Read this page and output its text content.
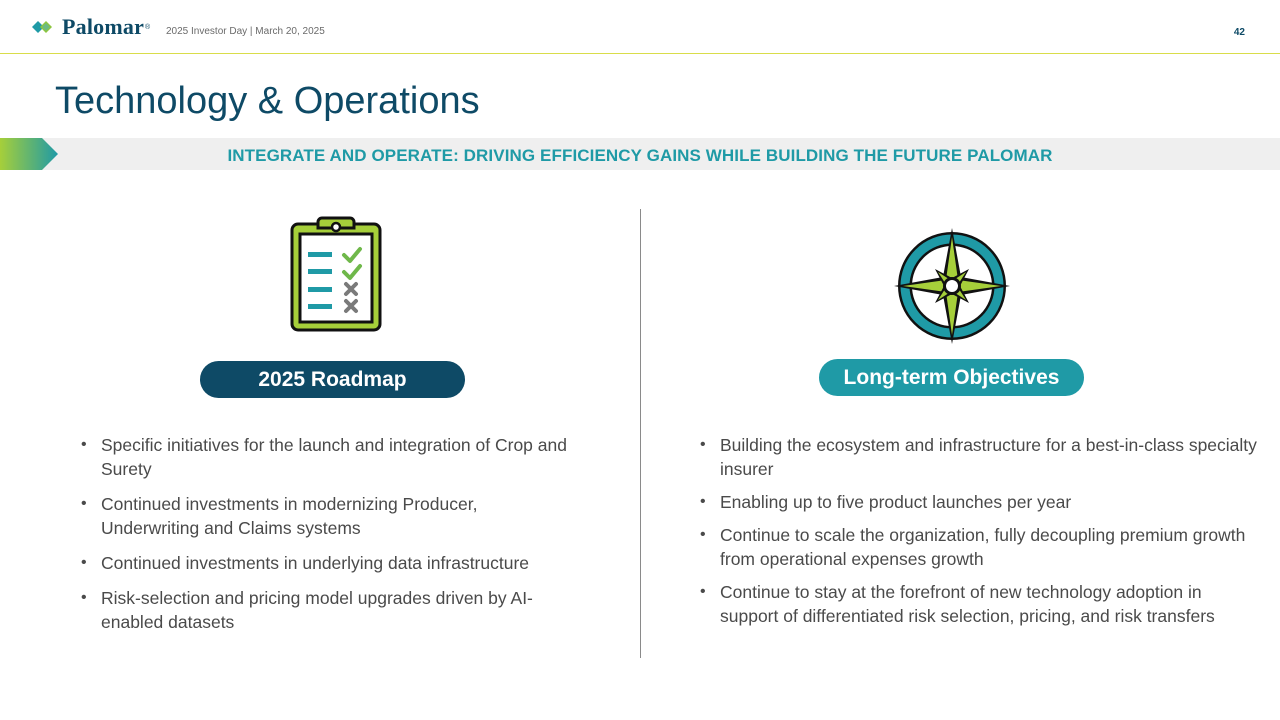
Palomar ® 2025 Investor Day | March 20, 2025	42
Technology & Operations
INTEGRATE AND OPERATE: DRIVING EFFICIENCY GAINS WHILE BUILDING THE FUTURE PALOMAR
2025 Roadmap
• Specific initiatives for the launch and integration of Crop and Surety
• Continued investments in modernizing Producer, Underwriting and Claims systems
• Continued investments in underlying data infrastructure
• Risk-selection and pricing model upgrades driven by AI-enabled datasets
Long-term Objectives
• Building the ecosystem and infrastructure for a best-in-class specialty insurer
• Enabling up to five product launches per year
• Continue to scale the organization, fully decoupling premium growth from operational expenses growth
• Continue to stay at the forefront of new technology adoption in support of differentiated risk selection, pricing, and risk transfers
